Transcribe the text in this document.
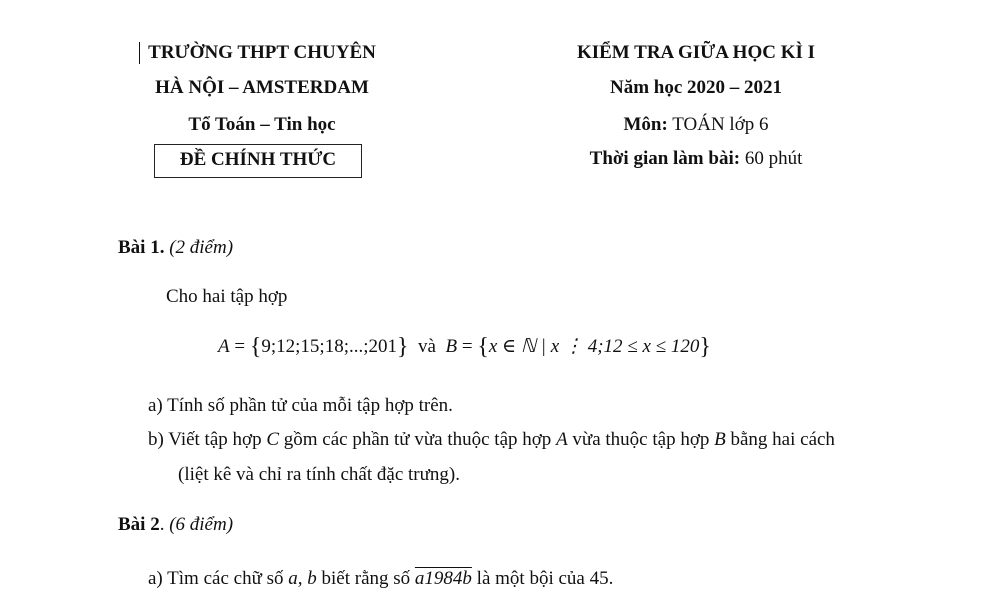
TRƯỜNG THPT CHUYÊN
HÀ NỘI – AMSTERDAM
Tổ Toán – Tin học
ĐỀ CHÍNH THỨC
KIỂM TRA GIỮA HỌC KÌ I
Năm học 2020 – 2021
Môn: TOÁN lớp 6
Thời gian làm bài: 60 phút
Bài 1. (2 điểm)
Cho hai tập hợp
A = {9;12;15;18;...;201} và B = {x ∈ ℕ | x ⋮ 4;12 ≤ x ≤ 120}
a) Tính số phần tử của mỗi tập hợp trên.
b) Viết tập hợp C gồm các phần tử vừa thuộc tập hợp A vừa thuộc tập hợp B bằng hai cách
(liệt kê và chỉ ra tính chất đặc trưng).
Bài 2. (6 điểm)
a) Tìm các chữ số a, b biết rằng số a1984b là một bội của 45.
